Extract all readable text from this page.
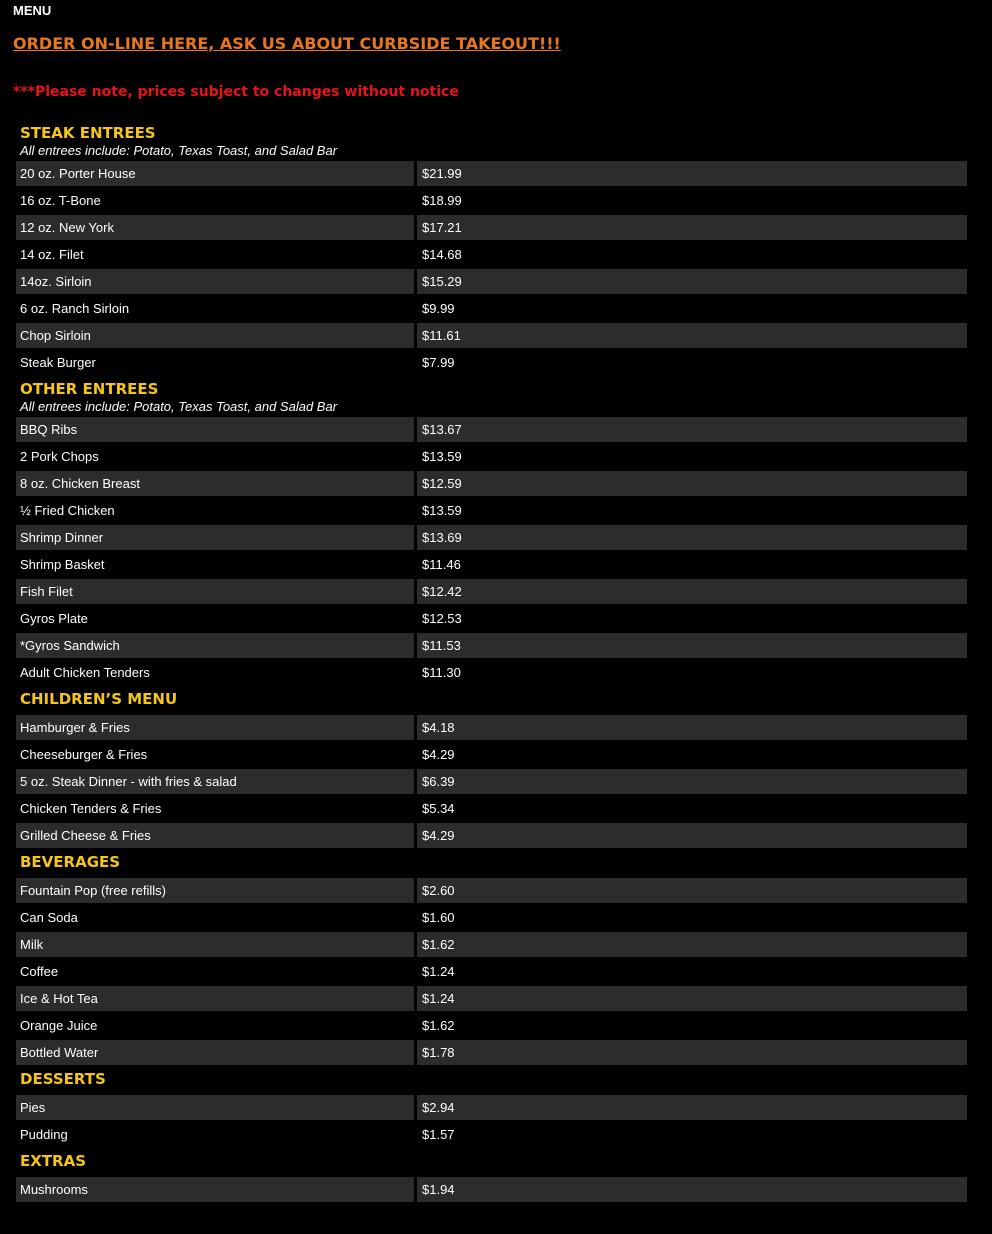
MENU
ORDER ON-LINE HERE, ASK US ABOUT CURBSIDE TAKEOUT!!!
***Please note, prices subject to changes without notice
STEAK ENTREES
All entrees include: Potato, Texas Toast, and Salad Bar
20 oz. Porter House	$21.99
16 oz. T-Bone	$18.99
12 oz. New York	$17.21
14 oz. Filet	$14.68
14oz. Sirloin	$15.29
6 oz. Ranch Sirloin	$9.99
Chop Sirloin	$11.61
Steak Burger	$7.99
OTHER ENTREES
All entrees include: Potato, Texas Toast, and Salad Bar
BBQ Ribs	$13.67
2 Pork Chops	$13.59
8 oz. Chicken Breast	$12.59
½ Fried Chicken	$13.59
Shrimp Dinner	$13.69
Shrimp Basket	$11.46
Fish Filet	$12.42
Gyros Plate	$12.53
*Gyros Sandwich	$11.53
Adult Chicken Tenders	$11.30
CHILDREN’S MENU
Hamburger & Fries	$4.18
Cheeseburger & Fries	$4.29
5 oz. Steak Dinner - with fries & salad	$6.39
Chicken Tenders & Fries	$5.34
Grilled Cheese & Fries	$4.29
BEVERAGES
Fountain Pop (free refills)	$2.60
Can Soda	$1.60
Milk	$1.62
Coffee	$1.24
Ice & Hot Tea	$1.24
Orange Juice	$1.62
Bottled Water	$1.78
DESSERTS
Pies	$2.94
Pudding	$1.57
EXTRAS
Mushrooms	$1.94
